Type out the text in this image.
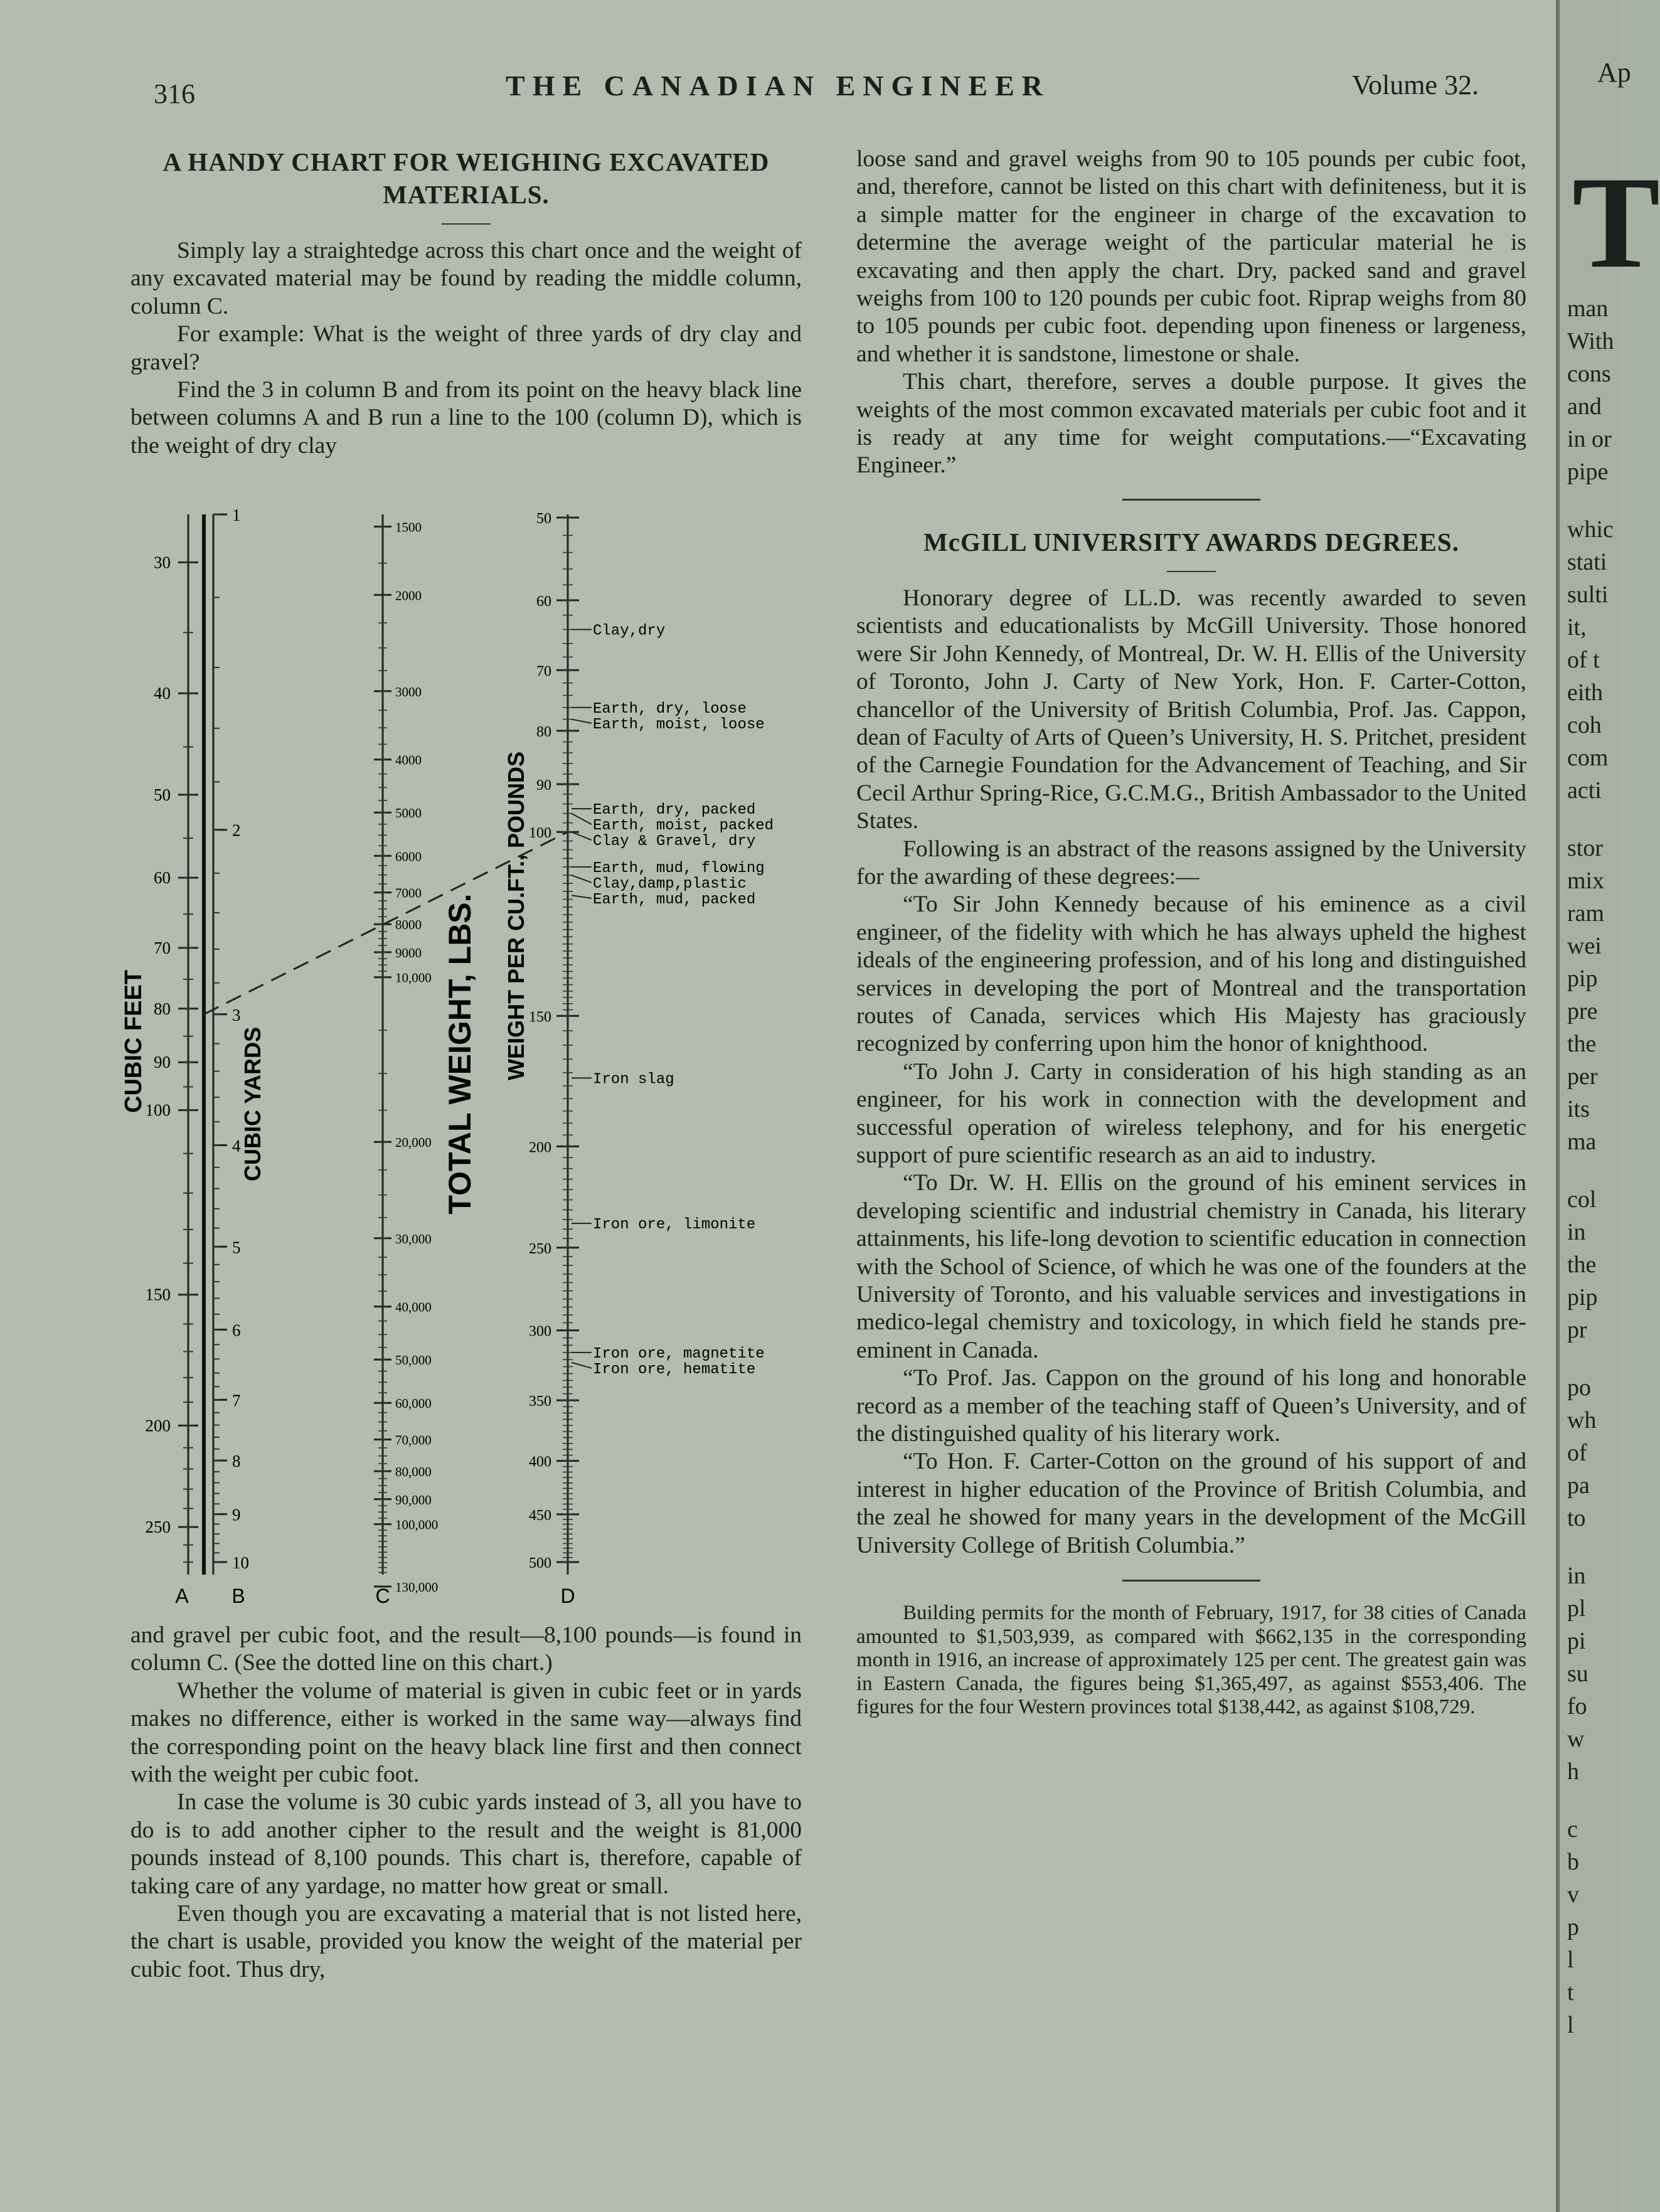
THE CANADIAN ENGINEER
316	Volume 32.
A HANDY CHART FOR WEIGHING EXCAVATED MATERIALS.

Simply lay a straightedge across this chart once and the weight of any excavated material may be found by reading the middle column, column C.

For example: What is the weight of three yards of dry clay and gravel?

Find the 3 in column B and from its point on the heavy black line between columns A and B run a line to the 100 (column D), which is the weight of dry clay

30
40
50
60
70
80
90
100
150
200
250
1
2
3
4
5
6
7
8
9
10
1500
2000
3000
4000
5000
6000
7000
8000
9000
10,000
20,000
30,000
40,000
50,000
60,000
70,000
80,000
90,000
100,000
130,000
50
60
70
80
90
100
150
200
250
300
350
400
450
500
Clay,dry
Earth, dry, loose
Earth, moist, loose
Earth, dry, packed
Earth, moist, packed
Clay & Gravel, dry
Earth, mud, flowing
Clay,damp,plastic
Earth, mud, packed
Iron slag
Iron ore, limonite
Iron ore, magnetite
Iron ore, hematite
CUBIC FEET	CUBIC YARDS	TOTAL WEIGHT, LBS. WEIGHT PER CU.FT., POUNDS
A B	C	D

and gravel per cubic foot, and the result—8,100 pounds—is found in column C. (See the dotted line on this chart.)

Whether the volume of material is given in cubic feet or in yards makes no difference, either is worked in the same way—always find the corresponding point on the heavy black line first and then connect with the weight per cubic foot.

In case the volume is 30 cubic yards instead of 3, all you have to do is to add another cipher to the result and the weight is 81,000 pounds instead of 8,100 pounds. This chart is, therefore, capable of taking care of any yardage, no matter how great or small.

Even though you are excavating a material that is not listed here, the chart is usable, provided you know the weight of the material per cubic foot. Thus dry,

loose sand and gravel weighs from 90 to 105 pounds per cubic foot, and, therefore, cannot be listed on this chart with definiteness, but it is a simple matter for the engineer in charge of the excavation to determine the average weight of the particular material he is excavating and then apply the chart. Dry, packed sand and gravel weighs from 100 to 120 pounds per cubic foot. Riprap weighs from 80 to 105 pounds per cubic foot. depending upon fineness or largeness, and whether it is sandstone, limestone or shale.

This chart, therefore, serves a double purpose. It gives the weights of the most common excavated materials per cubic foot and it is ready at any time for weight computations.—“Excavating Engineer.”

McGILL UNIVERSITY AWARDS DEGREES.

Honorary degree of LL.D. was recently awarded to seven scientists and educationalists by McGill University. Those honored were Sir John Kennedy, of Montreal, Dr. W. H. Ellis of the University of Toronto, John J. Carty of New York, Hon. F. Carter-Cotton, chancellor of the University of British Columbia, Prof. Jas. Cappon, dean of Faculty of Arts of Queen’s University, H. S. Pritchet, president of the Carnegie Foundation for the Advancement of Teaching, and Sir Cecil Arthur Spring-Rice, G.C.M.G., British Ambassador to the United States.

Following is an abstract of the reasons assigned by the University for the awarding of these degrees:—

“To Sir John Kennedy because of his eminence as a civil engineer, of the fidelity with which he has always upheld the highest ideals of the engineering profession, and of his long and distinguished services in developing the port of Montreal and the transportation routes of Canada, services which His Majesty has graciously recognized by conferring upon him the honor of knighthood.

“To John J. Carty in consideration of his high standing as an engineer, for his work in connection with the development and successful operation of wireless telephony, and for his energetic support of pure scientific research as an aid to industry.

“To Dr. W. H. Ellis on the ground of his eminent services in developing scientific and industrial chemistry in Canada, his literary attainments, his life-long devotion to scientific education in connection with the School of Science, of which he was one of the founders at the University of Toronto, and his valuable services and investigations in medico-legal chemistry and toxicology, in which field he stands pre-eminent in Canada.

“To Prof. Jas. Cappon on the ground of his long and honorable record as a member of the teaching staff of Queen’s University, and of the distinguished quality of his literary work.

“To Hon. F. Carter-Cotton on the ground of his support of and interest in higher education of the Province of British Columbia, and the zeal he showed for many years in the development of the McGill University College of British Columbia.”

Building permits for the month of February, 1917, for 38 cities of Canada amounted to $1,503,939, as compared with $662,135 in the corresponding month in 1916, an increase of approximately 125 per cent. The greatest gain was in Eastern Canada, the figures being $1,365,497, as against $553,406. The figures for the four Western provinces total $138,442, as against $108,729.

Ap
T
man
With
cons
and
in or
pipe
whic
stati
sulti
it,
of t
eith
coh
com
acti
stor
mix
ram
wei
pip
pre
the
per
its
ma
col
in
the
pip
pr
po
wh
of
pa
to
in
pl
pi
su
fo
w
h
c
b
v
p
l
t
l
